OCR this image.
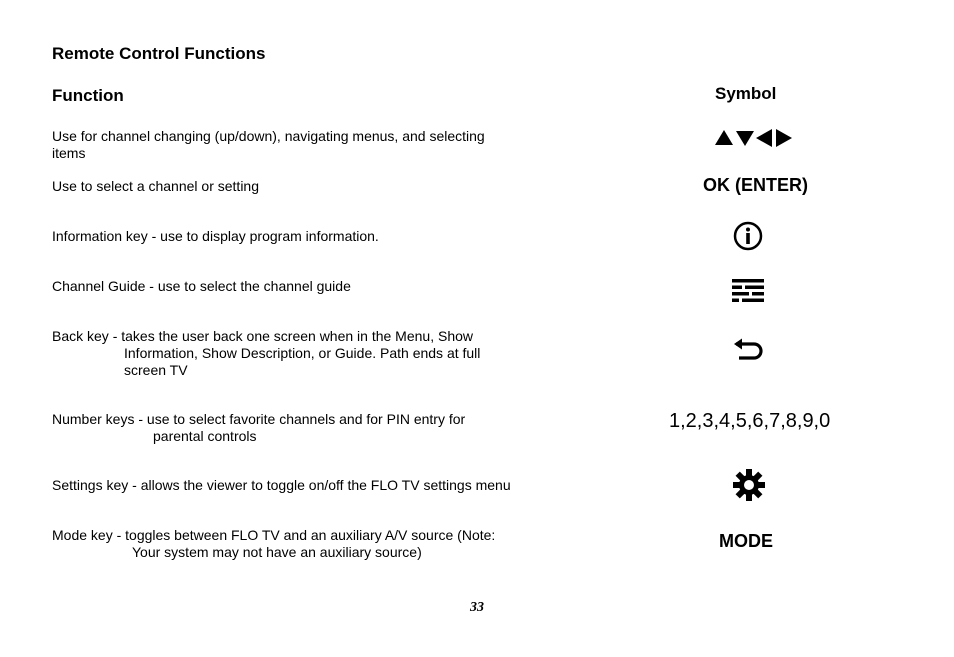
Remote Control Functions
Function	Symbol
Use for channel changing (up/down), navigating menus, and selecting
items
Use to select a channel or setting	OK (ENTER)
Information key - use to display program information.
Channel Guide - use to select the channel guide
Back key - takes the user back one screen when in the Menu, Show
Information, Show Description, or Guide. Path ends at full
screen TV
Number keys - use to select favorite channels and for PIN entry for
parental controls
1,2,3,4,5,6,7,8,9,0
Settings key - allows the viewer to toggle on/off the FLO TV settings menu
Mode key - toggles between FLO TV and an auxiliary A/V source (Note:
Your system may not have an auxiliary source)
MODE
33
